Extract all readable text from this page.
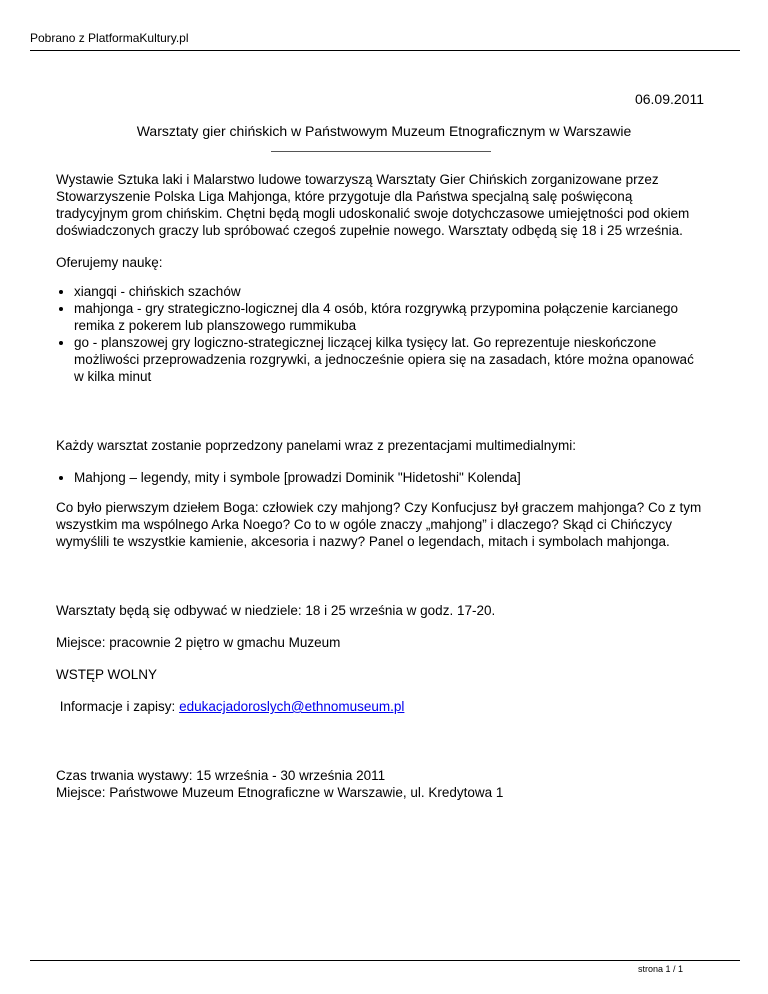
Pobrano z PlatformaKultury.pl
06.09.2011
Warsztaty gier chińskich w Państwowym Muzeum Etnograficznym w Warszawie

Wystawie Sztuka laki i Malarstwo ludowe towarzyszą Warsztaty Gier Chińskich zorganizowane przez Stowarzyszenie Polska Liga Mahjonga, które przygotuje dla Państwa specjalną salę poświęconą tradycyjnym grom chińskim. Chętni będą mogli udoskonalić swoje dotychczasowe umiejętności pod okiem doświadczonych graczy lub spróbować czegoś zupełnie nowego. Warsztaty odbędą się 18 i 25 września.

Oferujemy naukę:

• xiangqi - chińskich szachów
• mahjonga - gry strategiczno-logicznej dla 4 osób, która rozgrywką przypomina połączenie karcianego remika z pokerem lub planszowego rummikuba
• go - planszowej gry logiczno-strategicznej liczącej kilka tysięcy lat. Go reprezentuje nieskończone możliwości przeprowadzenia rozgrywki, a jednocześnie opiera się na zasadach, które można opanować w kilka minut

Każdy warsztat zostanie poprzedzony panelami wraz z prezentacjami multimedialnymi:

• Mahjong – legendy, mity i symbole [prowadzi Dominik "Hidetoshi" Kolenda]

Co było pierwszym dziełem Boga: człowiek czy mahjong? Czy Konfucjusz był graczem mahjonga? Co z tym wszystkim ma wspólnego Arka Noego? Co to w ogóle znaczy „mahjong” i dlaczego? Skąd ci Chińczycy wymyślili te wszystkie kamienie, akcesoria i nazwy? Panel o legendach, mitach i symbolach mahjonga.

Warsztaty będą się odbywać w niedziele: 18 i 25 września w godz. 17-20.

Miejsce: pracownie 2 piętro w gmachu Muzeum

WSTĘP WOLNY

Informacje i zapisy: edukacjadoroslych@ethnomuseum.pl

Czas trwania wystawy: 15 września - 30 września 2011
Miejsce: Państwowe Muzeum Etnograficzne w Warszawie, ul. Kredytowa 1

strona 1 / 1
